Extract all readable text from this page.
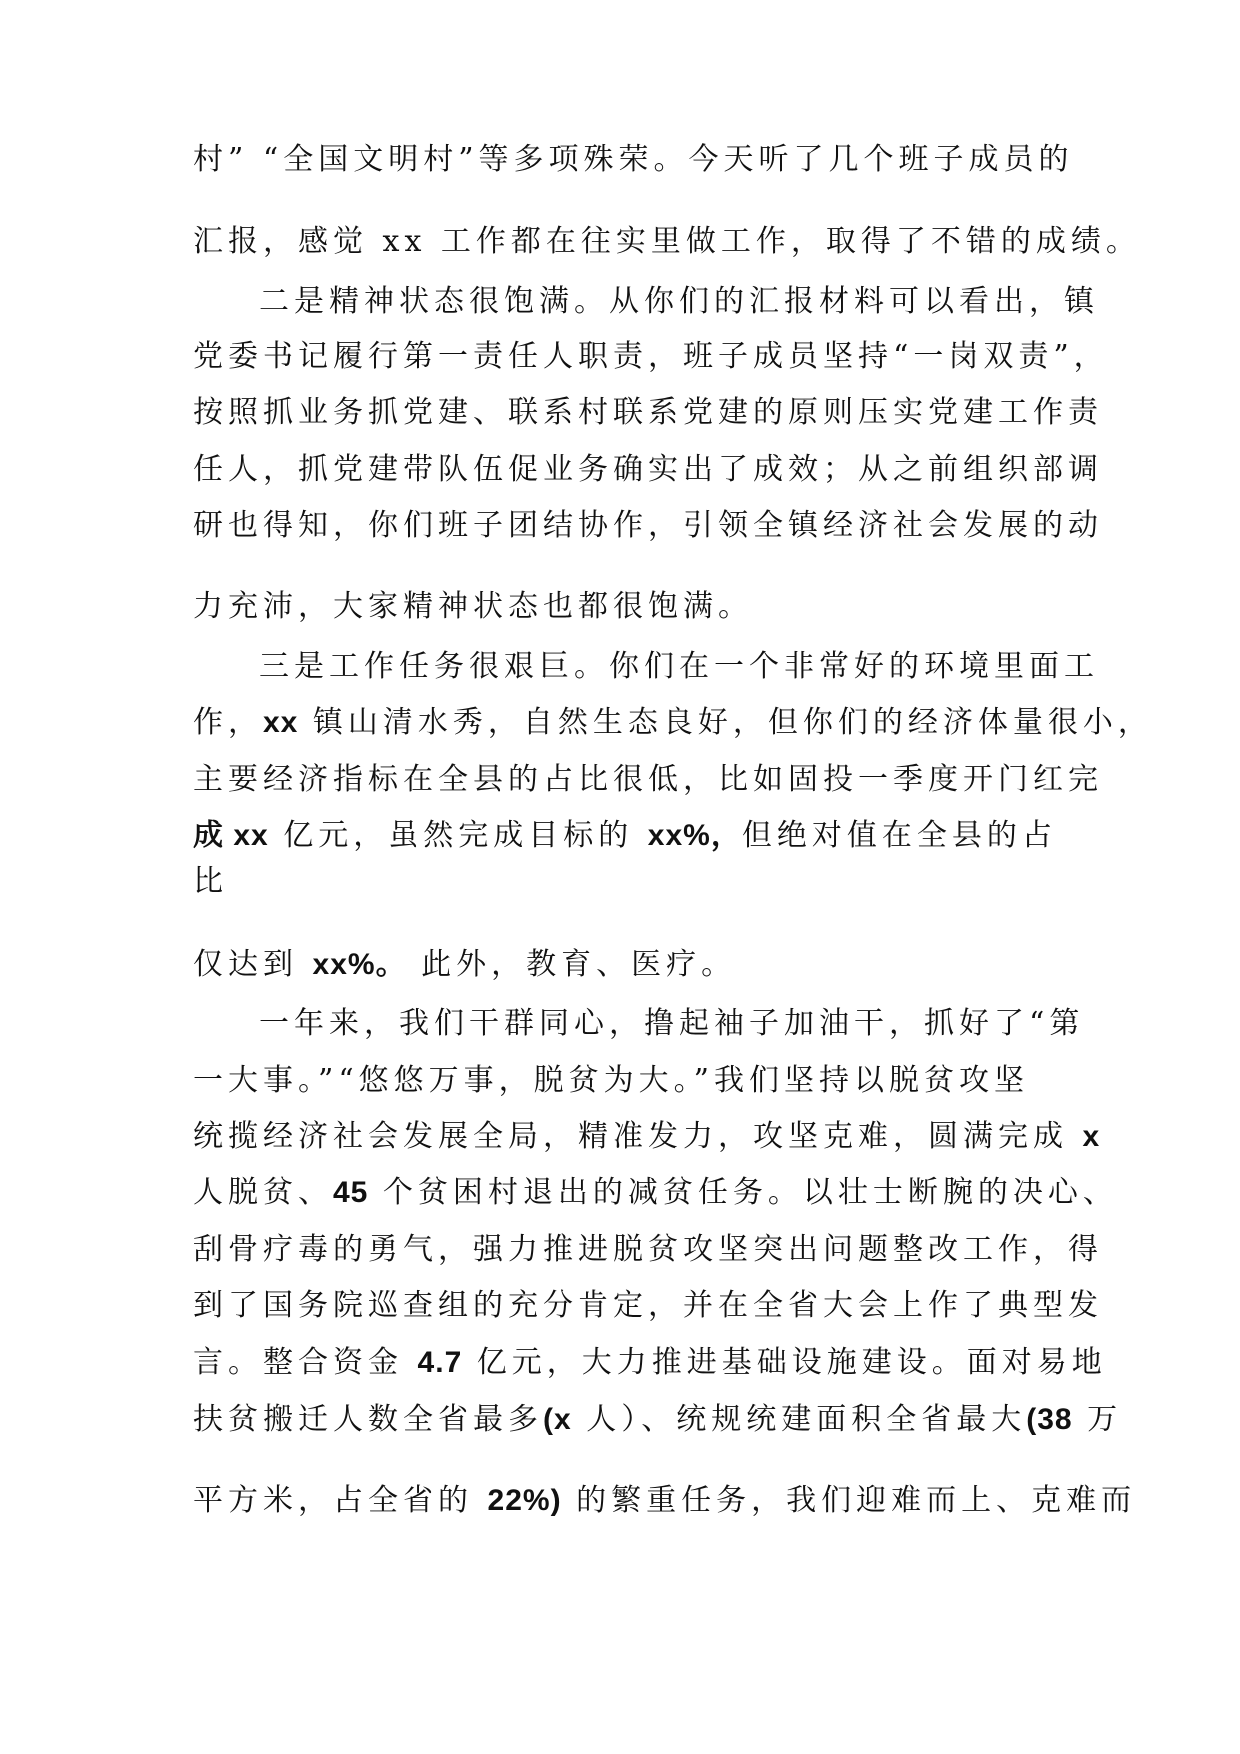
村” “全国文明村”等多项殊荣。今天听了几个班子成员的
汇报，感觉 xx 工作都在往实里做工作，取得了不错的成绩。
二是精神状态很饱满。从你们的汇报材料可以看出，镇
党委书记履行第一责任人职责，班子成员坚持“一岗双责”，
按照抓业务抓党建、联系村联系党建的原则压实党建工作责
任人，抓党建带队伍促业务确实出了成效；从之前组织部调
研也得知，你们班子团结协作，引领全镇经济社会发展的动
力充沛，大家精神状态也都很饱满。
三是工作任务很艰巨。你们在一个非常好的环境里面工
作，xx 镇山清水秀，自然生态良好，但你们的经济体量很小，
主要经济指标在全县的占比很低，比如固投一季度开门红完
成 xx 亿元，虽然完成目标的 xx%，但绝对值在全县的占
比
仅达到 xx%。 此外，教育、医疗。
一年来，我们干群同心，撸起袖子加油干，抓好了“第
一大事。”“悠悠万事，脱贫为大。”我们坚持以脱贫攻坚
统揽经济社会发展全局，精准发力，攻坚克难，圆满完成 x
人脱贫、45 个贫困村退出的减贫任务。以壮士断腕的决心、
刮骨疗毒的勇气，强力推进脱贫攻坚突出问题整改工作，得
到了国务院巡查组的充分肯定，并在全省大会上作了典型发
言。整合资金 4.7 亿元，大力推进基础设施建设。面对易地
扶贫搬迁人数全省最多(x 人）、统规统建面积全省最大(38 万
平方米，占全省的 22%) 的繁重任务，我们迎难而上、克难而
